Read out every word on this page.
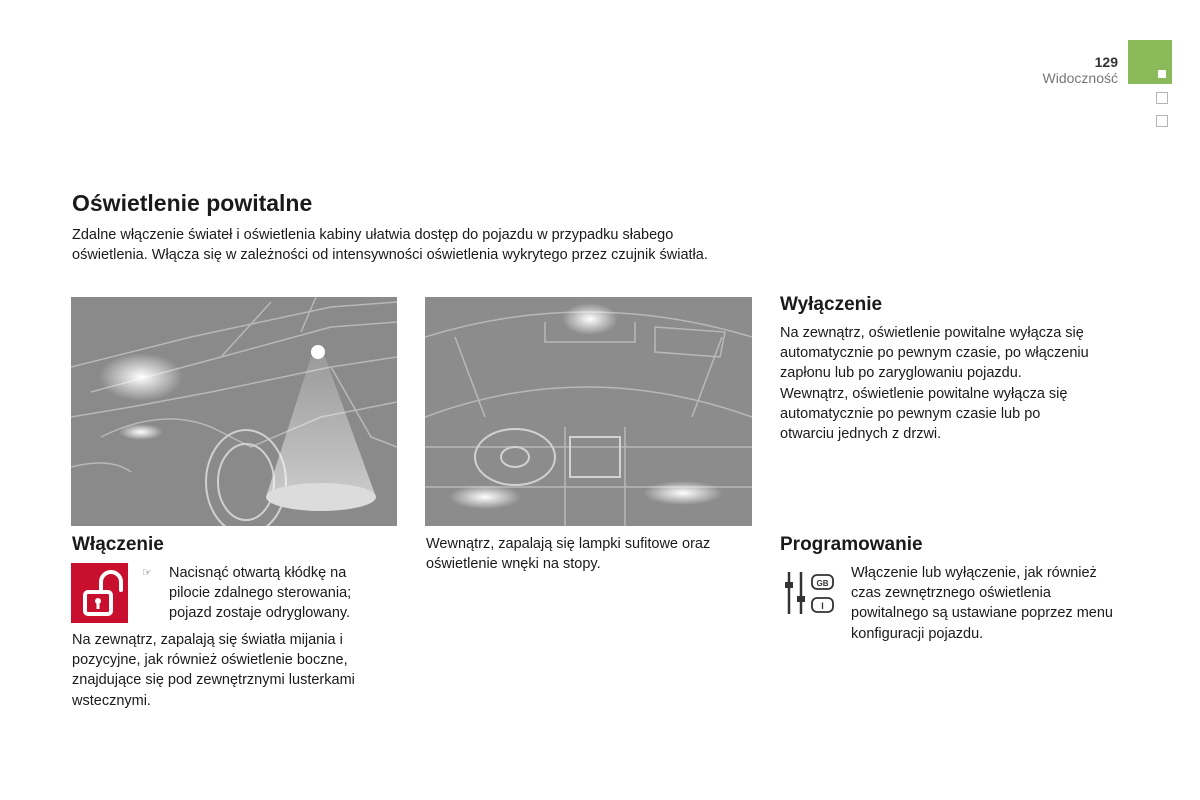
129
Widoczność
Oświetlenie powitalne
Zdalne włączenie świateł i oświetlenia kabiny ułatwia dostęp do pojazdu w przypadku słabego oświetlenia. Włącza się w zależności od intensywności oświetlenia wykrytego przez czujnik światła.
Włączenie
☞ Nacisnąć otwartą kłódkę na pilocie zdalnego sterowania; pojazd zostaje odryglowany.
Na zewnątrz, zapalają się światła mijania i pozycyjne, jak również oświetlenie boczne, znajdujące się pod zewnętrznymi lusterkami wstecznymi.
Wewnątrz, zapalają się lampki sufitowe oraz oświetlenie wnęki na stopy.
Wyłączenie
Na zewnątrz, oświetlenie powitalne wyłącza się automatycznie po pewnym czasie, po włączeniu zapłonu lub po zaryglowaniu pojazdu.
Wewnątrz, oświetlenie powitalne wyłącza się automatycznie po pewnym czasie lub po otwarciu jednych z drzwi.
Programowanie
GB
I
Włączenie lub wyłączenie, jak również czas zewnętrznego oświetlenia powitalnego są ustawiane poprzez menu konfiguracji pojazdu.
